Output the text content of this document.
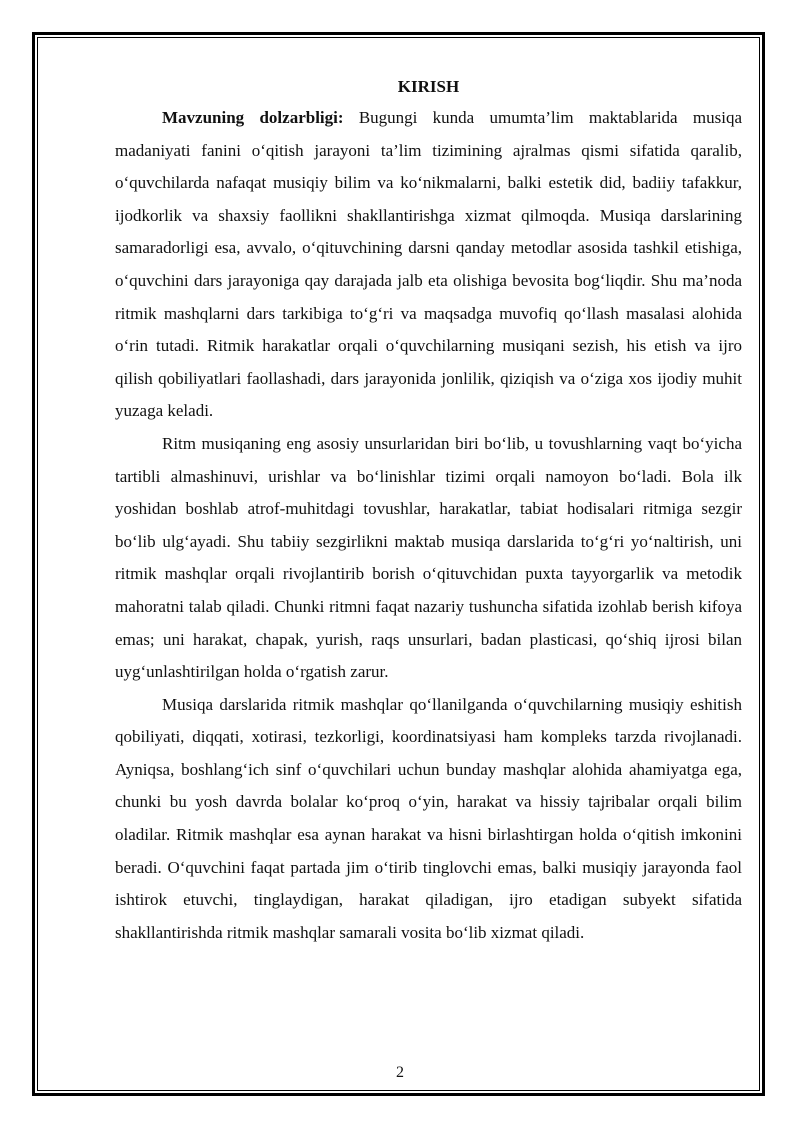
KIRISH

Mavzuning dolzarbligi: Bugungi kunda umumta’lim maktablarida musiqa madaniyati fanini o‘qitish jarayoni ta’lim tizimining ajralmas qismi sifatida qaralib, o‘quvchilarda nafaqat musiqiy bilim va ko‘nikmalarni, balki estetik did, badiiy tafakkur, ijodkorlik va shaxsiy faollikni shakllantirishga xizmat qilmoqda. Musiqa darslarining samaradorligi esa, avvalo, o‘qituvchining darsni qanday metodlar asosida tashkil etishiga, o‘quvchini dars jarayoniga qay darajada jalb eta olishiga bevosita bog‘liqdir. Shu ma’noda ritmik mashqlarni dars tarkibiga to‘g‘ri va maqsadga muvofiq qo‘llash masalasi alohida o‘rin tutadi. Ritmik harakatlar orqali o‘quvchilarning musiqani sezish, his etish va ijro qilish qobiliyatlari faollashadi, dars jarayonida jonlilik, qiziqish va o‘ziga xos ijodiy muhit yuzaga keladi.

Ritm musiqaning eng asosiy unsurlaridan biri bo‘lib, u tovushlarning vaqt bo‘yicha tartibli almashinuvi, urishlar va bo‘linishlar tizimi orqali namoyon bo‘ladi. Bola ilk yoshidan boshlab atrof-muhitdagi tovushlar, harakatlar, tabiat hodisalari ritmiga sezgir bo‘lib ulg‘ayadi. Shu tabiiy sezgirlikni maktab musiqa darslarida to‘g‘ri yo‘naltirish, uni ritmik mashqlar orqali rivojlantirib borish o‘qituvchidan puxta tayyorgarlik va metodik mahoratni talab qiladi. Chunki ritmni faqat nazariy tushuncha sifatida izohlab berish kifoya emas; uni harakat, chapak, yurish, raqs unsurlari, badan plasticasi, qo‘shiq ijrosi bilan uyg‘unlashtirilgan holda o‘rgatish zarur.

Musiqa darslarida ritmik mashqlar qo‘llanilganda o‘quvchilarning musiqiy eshitish qobiliyati, diqqati, xotirasi, tezkorligi, koordinatsiyasi ham kompleks tarzda rivojlanadi. Ayniqsa, boshlang‘ich sinf o‘quvchilari uchun bunday mashqlar alohida ahamiyatga ega, chunki bu yosh davrda bolalar ko‘proq o‘yin, harakat va hissiy tajribalar orqali bilim oladilar. Ritmik mashqlar esa aynan harakat va hisni birlashtirgan holda o‘qitish imkonini beradi. O‘quvchini faqat partada jim o‘tirib tinglovchi emas, balki musiqiy jarayonda faol ishtirok etuvchi, tinglaydigan, harakat qiladigan, ijro etadigan subyekt sifatida shakllantirishda ritmik mashqlar samarali vosita bo‘lib xizmat qiladi.

2
